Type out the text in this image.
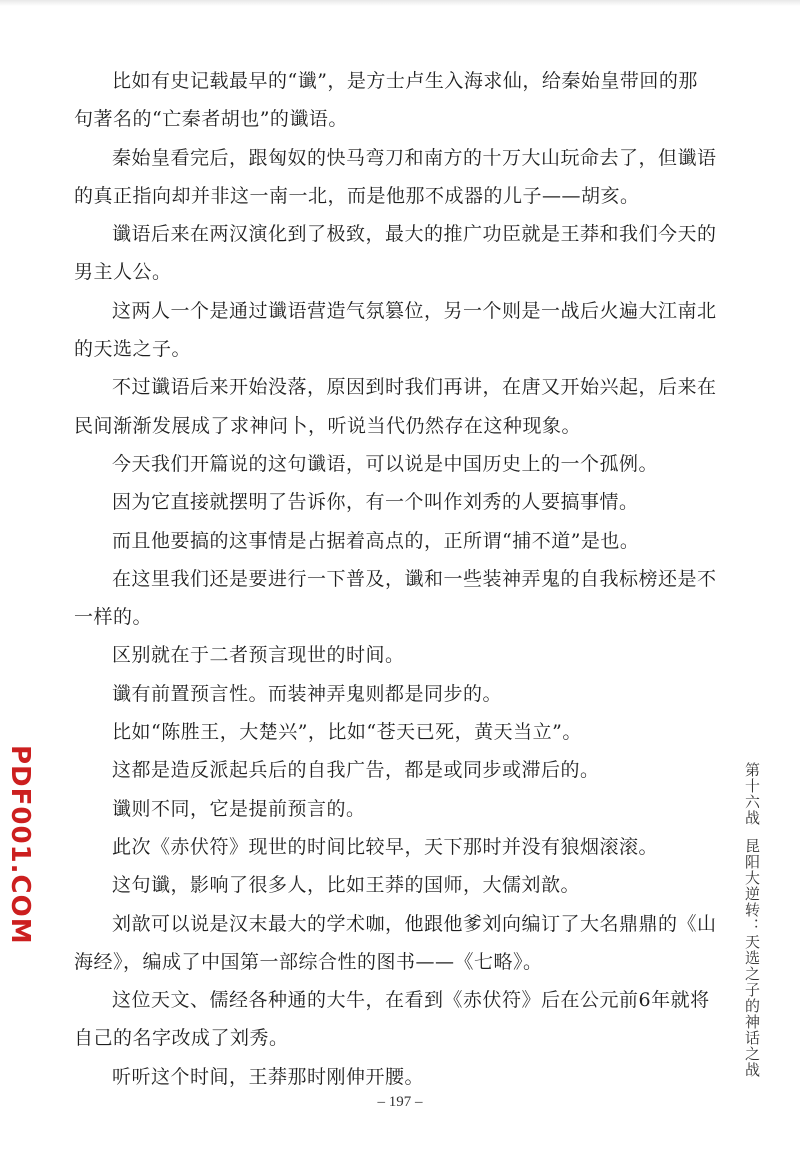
比如有史记载最早的“谶”，是方士卢生入海求仙，给秦始皇带回的那
句著名的“亡秦者胡也”的谶语。

秦始皇看完后，跟匈奴的快马弯刀和南方的十万大山玩命去了，但谶语
的真正指向却并非这一南一北，而是他那不成器的儿子——胡亥。

谶语后来在两汉演化到了极致，最大的推广功臣就是王莽和我们今天的
男主人公。

这两人一个是通过谶语营造气氛篡位，另一个则是一战后火遍大江南北
的天选之子。

不过谶语后来开始没落，原因到时我们再讲，在唐又开始兴起，后来在
民间渐渐发展成了求神问卜，听说当代仍然存在这种现象。

今天我们开篇说的这句谶语，可以说是中国历史上的一个孤例。

因为它直接就摆明了告诉你，有一个叫作刘秀的人要搞事情。

而且他要搞的这事情是占据着高点的，正所谓“捕不道”是也。

在这里我们还是要进行一下普及，谶和一些装神弄鬼的自我标榜还是不
一样的。

区别就在于二者预言现世的时间。

谶有前置预言性。而装神弄鬼则都是同步的。

比如“陈胜王，大楚兴”，比如“苍天已死，黄天当立”。

这都是造反派起兵后的自我广告，都是或同步或滞后的。

谶则不同，它是提前预言的。

此次《赤伏符》现世的时间比较早，天下那时并没有狼烟滚滚。

这句谶，影响了很多人，比如王莽的国师，大儒刘歆。

刘歆可以说是汉末最大的学术咖，他跟他爹刘向编订了大名鼎鼎的《山
海经》，编成了中国第一部综合性的图书——《七略》。

这位天文、儒经各种通的大牛，在看到《赤伏符》后在公元前6年就将
自己的名字改成了刘秀。

听听这个时间，王莽那时刚伸开腰。

PDF001.COM	第十六战昆阳大逆转：天选之子的神话之战
– 197 –
